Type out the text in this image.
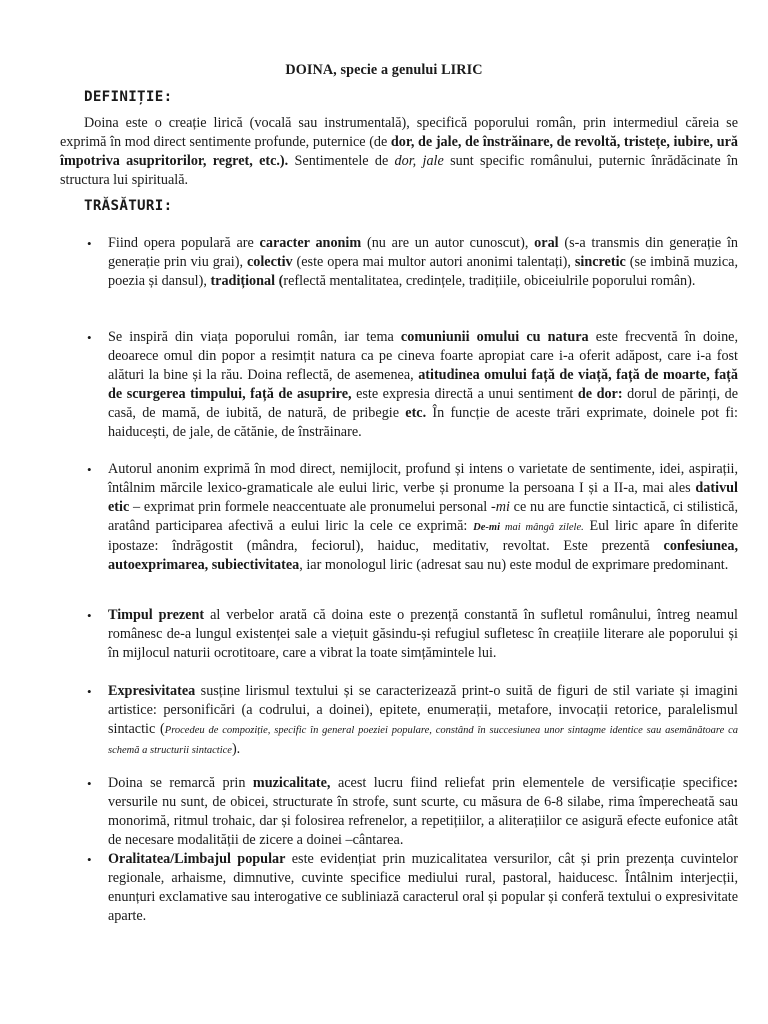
DOINA, specie a genului LIRIC
DEFINIȚIE:
Doina este o creație lirică (vocală sau instrumentală), specifică poporului român, prin intermediul căreia se exprimă în mod direct sentimente profunde, puternice (de dor, de jale, de înstrăinare, de revoltă, tristețe, iubire, ură împotriva asupritorilor, regret, etc.). Sentimentele de dor, jale sunt specific românului, puternic înrădăcinate în structura lui spirituală.
TRĂSĂTURI:
• Fiind opera populară are caracter anonim (nu are un autor cunoscut), oral (s-a transmis din generație în generație prin viu grai), colectiv (este opera mai multor autori anonimi talentați), sincretic (se imbină muzica, poezia și dansul), tradițional (reflectă mentalitatea, credințele, tradițiile, obiceiulrile poporului român).
• Se inspiră din viața poporului român, iar tema comuniunii omului cu natura este frecventă în doine, deoarece omul din popor a resimțit natura ca pe cineva foarte apropiat care i-a oferit adăpost, care i-a fost alături la bine și la rău. Doina reflectă, de asemenea, atitudinea omului față de viață, față de moarte, față de scurgerea timpului, față de asuprire, este expresia directă a unui sentiment de dor: dorul de părinți, de casă, de mamă, de iubită, de natură, de pribegie etc. În funcție de aceste trări exprimate, doinele pot fi: haiducești, de jale, de cătănie, de înstrăinare.
• Autorul anonim exprimă în mod direct, nemijlocit, profund și intens o varietate de sentimente, idei, aspirații, întâlnim mărcile lexico-gramaticale ale eului liric, verbe și pronume la persoana I și a II-a, mai ales dativul etic – exprimat prin formele neaccentuate ale pronumelui personal -mi ce nu are functie sintactică, ci stilistică, aratând participarea afectivă a eului liric la cele ce exprimă: De-mi mai mângâ zilele. Eul liric apare în diferite ipostaze: îndrăgostit (mândra, feciorul), haiduc, meditativ, revoltat. Este prezentă confesiunea, autoexprimarea, subiectivitatea, iar monologul liric (adresat sau nu) este modul de exprimare predominant.
• Timpul prezent al verbelor arată că doina este o prezență constantă în sufletul românului, întreg neamul românesc de-a lungul existenței sale a viețuit găsindu-și refugiul sufletesc în creațiile literare ale poporului și în mijlocul naturii ocrotitoare, care a vibrat la toate simțămintele lui.
• Expresivitatea susține lirismul textului și se caracterizează print-o suită de figuri de stil variate și imagini artistice: personificări (a codrului, a doinei), epitete, enumerații, metafore, invocații retorice, paralelismul sintactic (Procedeu de compoziție, specific în general poeziei populare, constând în succesiunea unor sintagme identice sau asemănătoare ca schemă a structurii sintactice).
• Doina se remarcă prin muzicalitate, acest lucru fiind reliefat prin elementele de versificație specifice: versurile nu sunt, de obicei, structurate în strofe, sunt scurte, cu măsura de 6-8 silabe, rima împerecheată sau monorimă, ritmul trohaic, dar și folosirea refrenelor, a repetițiilor, a aliterațiilor ce asigură efecte eufonice atât de necesare modalității de zicere a doinei –cântarea.
• Oralitatea/Limbajul popular este evidențiat prin muzicalitatea versurilor, cât și prin prezența cuvintelor regionale, arhaisme, dimnutive, cuvinte specifice mediului rural, pastoral, haiducesc. Întâlnim interjecții, enunțuri exclamative sau interogative ce subliniază caracterul oral și popular și conferă textului o expresivitate aparte.
